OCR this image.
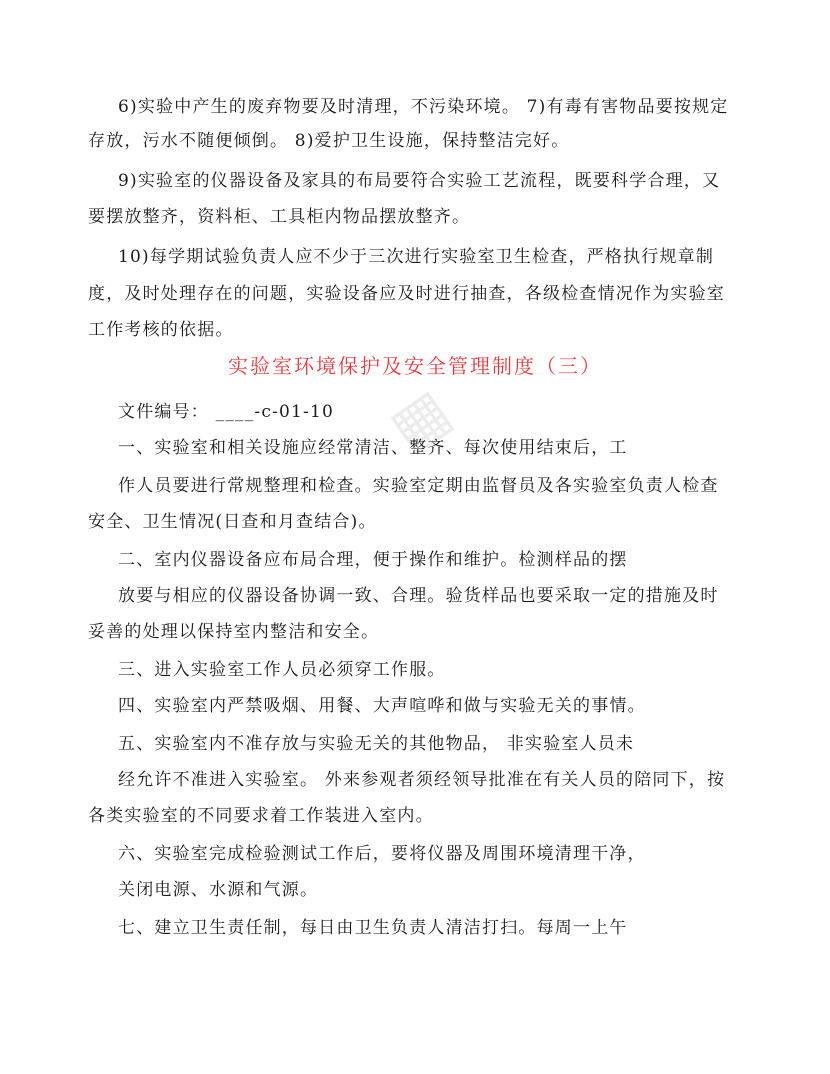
▦
6)实验中产生的废弃物要及时清理，不污染环境。 7)有毒有害物品要按规定
存放，污水不随便倾倒。 8)爱护卫生设施，保持整洁完好。
9)实验室的仪器设备及家具的布局要符合实验工艺流程，既要科学合理，又
要摆放整齐，资料柜、工具柜内物品摆放整齐。
10)每学期试验负责人应不少于三次进行实验室卫生检查，严格执行规章制
度，及时处理存在的问题，实验设备应及时进行抽查，各级检查情况作为实验室
工作考核的依据。
实验室环境保护及安全管理制度（三）
文件编号： ____-c-01-10
一、实验室和相关设施应经常清洁、整齐、每次使用结束后，工
作人员要进行常规整理和检查。实验室定期由监督员及各实验室负责人检查
安全、卫生情况(日查和月查结合)。
二、室内仪器设备应布局合理，便于操作和维护。检测样品的摆
放要与相应的仪器设备协调一致、合理。验货样品也要采取一定的措施及时
妥善的处理以保持室内整洁和安全。
三、进入实验室工作人员必须穿工作服。
四、实验室内严禁吸烟、用餐、大声喧哗和做与实验无关的事情。
五、实验室内不准存放与实验无关的其他物品， 非实验室人员未
经允许不准进入实验室。 外来参观者须经领导批准在有关人员的陪同下，按
各类实验室的不同要求着工作装进入室内。
六、实验室完成检验测试工作后，要将仪器及周围环境清理干净，
关闭电源、水源和气源。
七、建立卫生责任制，每日由卫生负责人清洁打扫。每周一上午
